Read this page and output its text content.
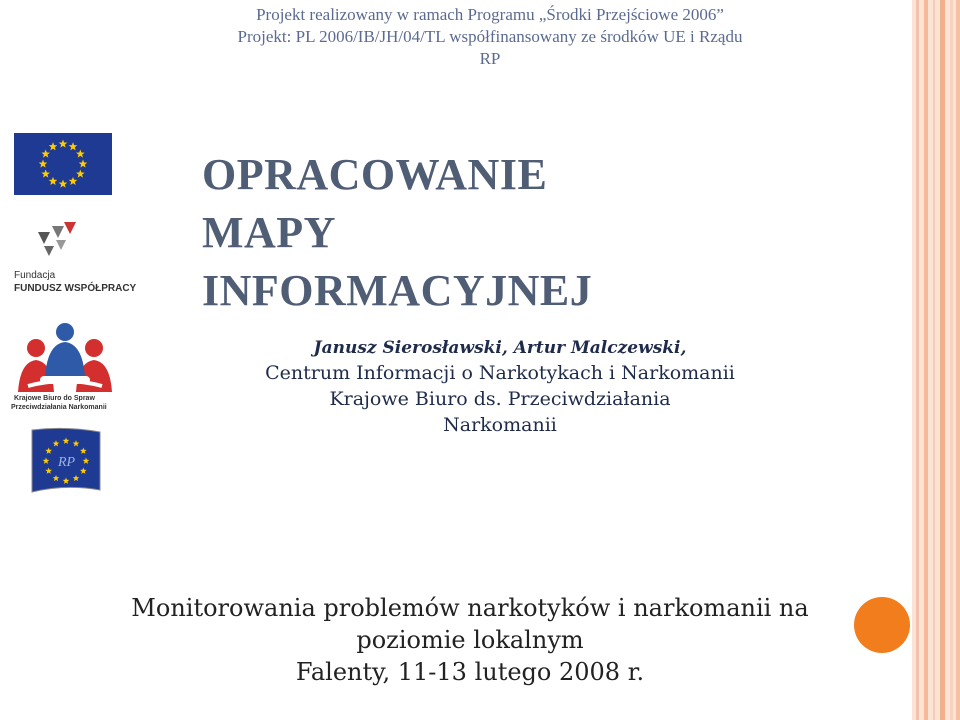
Projekt realizowany w ramach Programu „Środki Przejściowe 2006”
Projekt: PL 2006/IB/JH/04/TL współfinansowany ze środków UE i Rządu
RP
Fundacja
FUNDUSZ WSPÓŁPRACY
Krajowe Biuro do Spraw
Przeciwdziałania Narkomanii
RP
OPRACOWANIE
MAPY
INFORMACYJNEJ
Janusz Sierosławski, Artur Malczewski,
Centrum Informacji o Narkotykach i Narkomanii
Krajowe Biuro ds. Przeciwdziałania
Narkomanii
Monitorowania problemów narkotyków i narkomanii na
poziomie lokalnym
Falenty, 11-13 lutego 2008 r.
